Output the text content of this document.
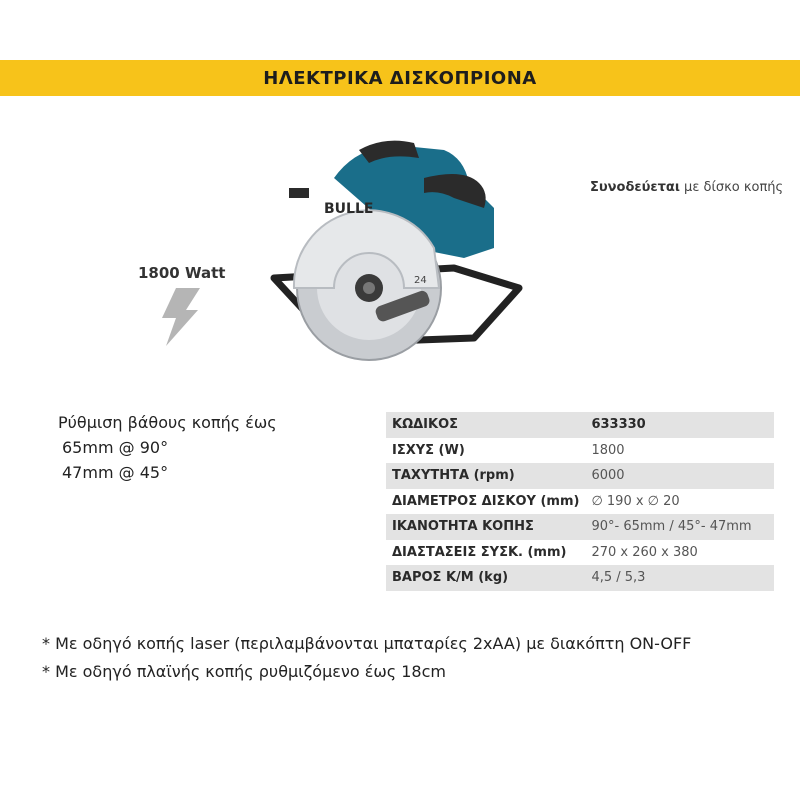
ΗΛΕΚΤΡΙΚΑ ΔΙΣΚΟΠΡΙΟΝΑ
1800 Watt
Συνοδεύεται με δίσκο κοπής
BULLE
24
Ρύθμιση βάθους κοπής έως
65mm @ 90°
47mm @ 45°
ΚΩΔΙΚΟΣ	633330
ΙΣΧΥΣ (W)	1800
ΤΑΧΥΤΗΤΑ (rpm)	6000
ΔΙΑΜΕΤΡΟΣ ΔΙΣΚΟΥ (mm)	∅ 190 x ∅ 20
ΙΚΑΝΟΤΗΤΑ ΚΟΠΗΣ	90°- 65mm / 45°- 47mm
ΔΙΑΣΤΑΣΕΙΣ ΣΥΣΚ. (mm)	270 x 260 x 380
ΒΑΡΟΣ Κ/Μ (kg)	4,5 / 5,3
* Με οδηγό κοπής laser (περιλαμβάνονται μπαταρίες 2xAA) με διακόπτη ON-OFF
* Με οδηγό πλαϊνής κοπής ρυθμιζόμενο έως 18cm
